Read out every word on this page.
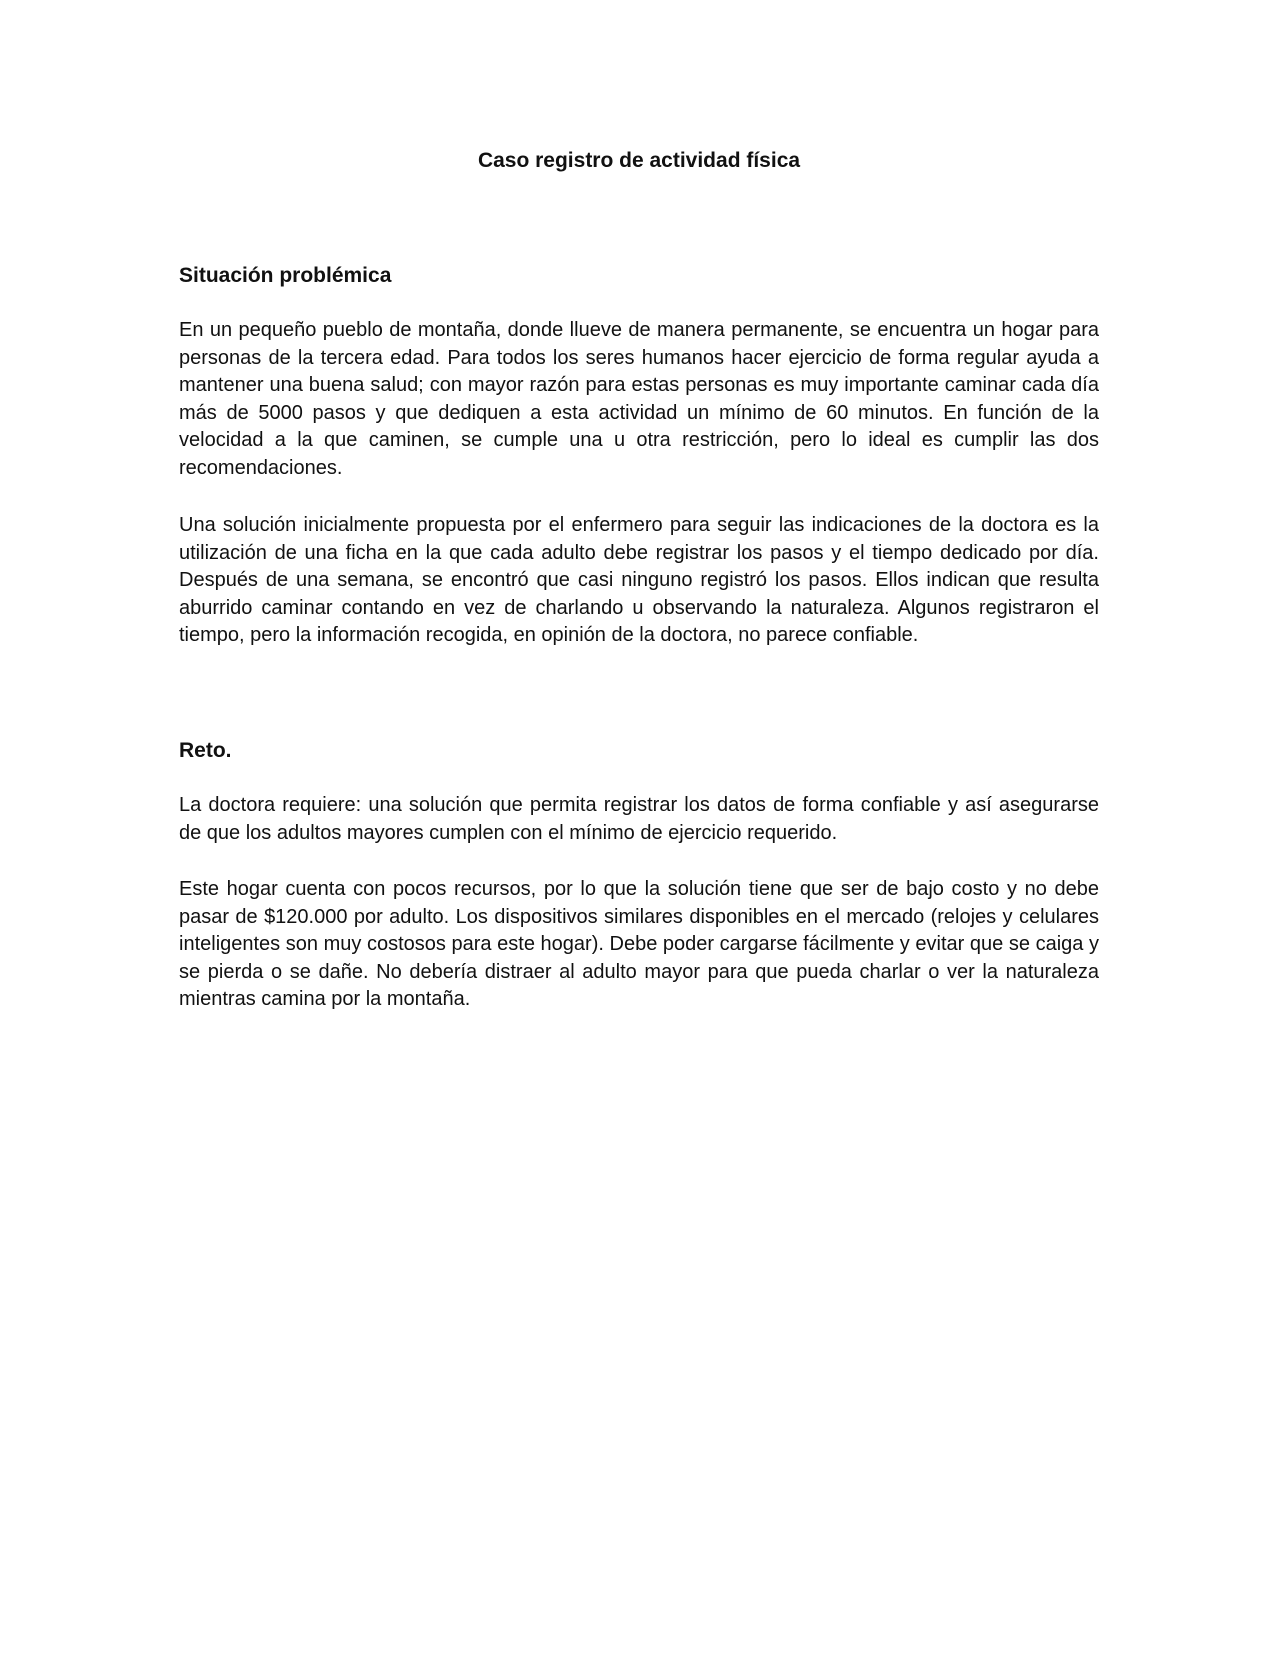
Caso registro de actividad física
Situación problémica

En un pequeño pueblo de montaña, donde llueve de manera permanente, se encuentra un hogar para personas de la tercera edad. Para todos los seres humanos hacer ejercicio de forma regular ayuda a mantener una buena salud; con mayor razón para estas personas es muy importante caminar cada día más de 5000 pasos y que dediquen a esta actividad un mínimo de 60 minutos. En función de la velocidad a la que caminen, se cumple una u otra restricción, pero lo ideal es cumplir las dos recomendaciones.

Una solución inicialmente propuesta por el enfermero para seguir las indicaciones de la doctora es la utilización de una ficha en la que cada adulto debe registrar los pasos y el tiempo dedicado por día. Después de una semana, se encontró que casi ninguno registró los pasos. Ellos indican que resulta aburrido caminar contando en vez de charlando u observando la naturaleza. Algunos registraron el tiempo, pero la información recogida, en opinión de la doctora, no parece confiable.

Reto.

La doctora requiere: una solución que permita registrar los datos de forma confiable y así asegurarse de que los adultos mayores cumplen con el mínimo de ejercicio requerido.

Este hogar cuenta con pocos recursos, por lo que la solución tiene que ser de bajo costo y no debe pasar de $120.000 por adulto. Los dispositivos similares disponibles en el mercado (relojes y celulares inteligentes son muy costosos para este hogar). Debe poder cargarse fácilmente y evitar que se caiga y se pierda o se dañe. No debería distraer al adulto mayor para que pueda charlar o ver la naturaleza mientras camina por la montaña.
